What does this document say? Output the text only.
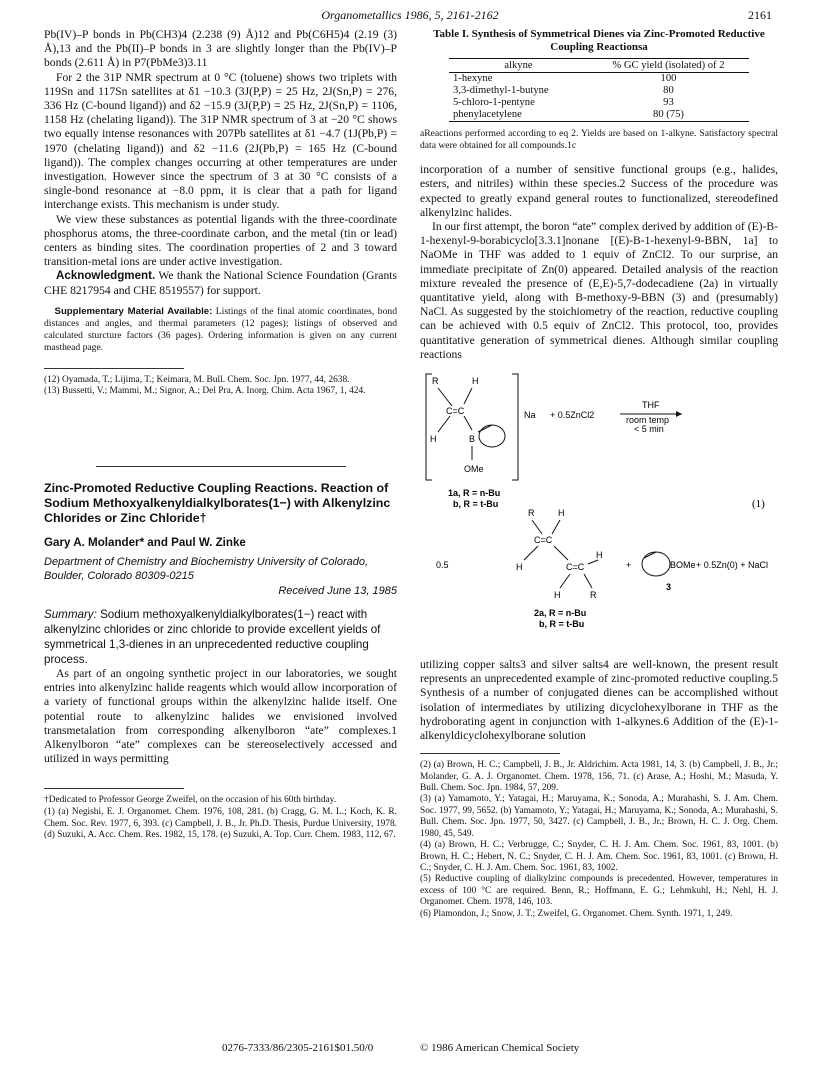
Organometallics 1986, 5, 2161-2162	2161

Pb(IV)–P bonds in Pb(CH3)4 (2.238 (9) Å)12 and Pb(C6H5)4 (2.19 (3) Å),13 and the Pb(II)–P bonds in 3 are slightly longer than the Pb(IV)–P bonds (2.611 Å) in P7(PbMe3)3.11

For 2 the 31P NMR spectrum at 0 °C (toluene) shows two triplets with 119Sn and 117Sn satellites at δ1 −10.3 (3J(P,P) = 25 Hz, 2J(Sn,P) = 276, 336 Hz (C-bound ligand)) and δ2 −15.9 (3J(P,P) = 25 Hz, 2J(Sn,P) = 1106, 1158 Hz (chelating ligand)). The 31P NMR spectrum of 3 at −20 °C shows two equally intense resonances with 207Pb satellites at δ1 −4.7 (1J(Pb,P) = 1970 (chelating ligand)) and δ2 −11.6 (2J(Pb,P) = 165 Hz (C-bound ligand)). The complex changes occurring at other temperatures are under investigation. However since the spectrum of 3 at 30 °C consists of a single-bond resonance at −8.0 ppm, it is clear that a path for ligand interchange exists. This mechanism is under study.

We view these substances as potential ligands with the three-coordinate phosphorus atoms, the three-coordinate carbon, and the metal (tin or lead) centers as binding sites. The coordination properties of 2 and 3 toward transition-metal ions are under active investigation.

Acknowledgment. We thank the National Science Foundation (Grants CHE 8217954 and CHE 8519557) for support.

Supplementary Material Available: Listings of the final atomic coordinates, bond distances and angles, and thermal parameters (12 pages); listings of observed and calculated sturcture factors (36 pages). Ordering information is given on any current masthead page.

(12) Oyamada, T.; Lijima, T.; Keimara, M. Bull. Chem. Soc. Jpn. 1977, 44, 2638.

(13) Bussetti, V.; Mammi, M.; Signor, A.; Del Pra, A. Inorg. Chim. Acta 1967, 1, 424.

Zinc-Promoted Reductive Coupling Reactions. Reaction of Sodium Methoxyalkenyldialkylborates(1−) with Alkenylzinc Chlorides or Zinc Chloride†
Gary A. Molander* and Paul W. Zinke
Department of Chemistry and Biochemistry University of Colorado, Boulder, Colorado 80309-0215
Received June 13, 1985
Summary: Sodium methoxyalkenyldialkylborates(1−) react with alkenylzinc chlorides or zinc chloride to provide excellent yields of symmetrical 1,3-dienes in an unprecedented reductive coupling process.

As part of an ongoing synthetic project in our laboratories, we sought entries into alkenylzinc halide reagents which would allow incorporation of a variety of functional groups within the alkenylzinc halide itself. One potential route to alkenylzinc halides we envisioned involved transmetalation from corresponding alkenylboron “ate” complexes.1 Alkenylboron “ate” complexes can be stereoselectively accessed and utilized in ways permitting

†Dedicated to Professor George Zweifel, on the occasion of his 60th birthday.

(1) (a) Negishi, E. J. Organomet. Chem. 1976, 108, 281. (b) Cragg, G. M. L.; Koch, K. R. Chem. Soc. Rev. 1977, 6, 393. (c) Campbell, J. B., Jr. Ph.D. Thesis, Purdue University, 1978. (d) Suzuki, A. Acc. Chem. Res. 1982, 15, 178. (e) Suzuki, A. Top. Curr. Chem. 1983, 112, 67.

Table I. Synthesis of Symmetrical Dienes via Zinc-Promoted Reductive Coupling Reactionsa
alkyne	% GC yield (isolated) of 2
1-hexyne	100
3,3-dimethyl-1-butyne	80
5-chloro-1-pentyne	93
phenylacetylene	80 (75)

aReactions performed according to eq 2. Yields are based on 1-alkyne. Satisfactory spectral data were obtained for all compounds.1c

incorporation of a number of sensitive functional groups (e.g., halides, esters, and nitriles) within these species.2 Success of the procedure was expected to greatly expand general routes to functionalized, stereodefined alkenylzinc halides.

In our first attempt, the boron “ate” complex derived by addition of (E)-B-1-hexenyl-9-borabicyclo[3.3.1]nonane [(E)-B-1-hexenyl-9-BBN, 1a] to NaOMe in THF was added to 1 equiv of ZnCl2. To our surprise, an immediate precipitate of Zn(0) appeared. Detailed analysis of the reaction mixture revealed the presence of (E,E)-5,7-dodecadiene (2a) in virtually quantitative yield, along with B-methoxy-9-BBN (3) and (presumably) NaCl. As suggested by the stoichiometry of the reaction, reductive coupling can be achieved with 0.5 equiv of ZnCl2. This protocol, too, provides quantitative generation of symmetrical dienes. Although similar coupling reactions

R	H
C=C
H	B
OMe
Na + 0.5ZnCl2
THF
room temp
< 5 min
1a, R = n-Bu
b, R = t-Bu	(1)
0.5
R	H
C=C
H	C=C
H
H	R
+	BOMe + 0.5Zn(0) + NaCl
3
2a, R = n-Bu
b, R = t-Bu

utilizing copper salts3 and silver salts4 are well-known, the present result represents an unprecedented example of zinc-promoted reductive coupling.5 Synthesis of a number of conjugated dienes can be accomplished without isolation of intermediates by utilizing dicyclohexylborane in THF as the hydroborating agent in conjunction with 1-alkynes.6 Addition of the (E)-1-alkenyldicyclohexylborane solution

(2) (a) Brown, H. C.; Campbell, J. B., Jr. Aldrichim. Acta 1981, 14, 3. (b) Campbell, J. B., Jr.; Molander, G. A. J. Organomet. Chem. 1978, 156, 71. (c) Arase, A.; Hoshi, M.; Masuda, Y. Bull. Chem. Soc. Jpn. 1984, 57, 209.

(3) (a) Yamamoto, Y.; Yatagai, H.; Maruyama, K.; Sonoda, A.; Murahashi, S. J. Am. Chem. Soc. 1977, 99, 5652. (b) Yamamoto, Y.; Yatagai, H.; Maruyama, K.; Sonoda, A.; Murahashi, S. Bull. Chem. Soc. Jpn. 1977, 50, 3427. (c) Campbell, J. B., Jr.; Brown, H. C. J. Org. Chem. 1980, 45, 549.

(4) (a) Brown, H. C.; Verbrugge, C.; Snyder, C. H. J. Am. Chem. Soc. 1961, 83, 1001. (b) Brown, H. C.; Hebert, N. C.; Snyder, C. H. J. Am. Chem. Soc. 1961, 83, 1001. (c) Brown, H. C.; Snyder, C. H. J. Am. Chem. Soc. 1961, 83, 1002.

(5) Reductive coupling of dialkylzinc compounds is precedented. However, temperatures in excess of 100 °C are required. Benn, R.; Hoffmann, E. G.; Lehmkuhl, H.; Nehl, H. J. Organomet. Chem. 1978, 146, 103.

(6) Plamondon, J.; Snow, J. T.; Zweifel, G. Organomet. Chem. Synth. 1971, 1, 249.

0276-7333/86/2305-2161$01.50/0	© 1986 American Chemical Society
